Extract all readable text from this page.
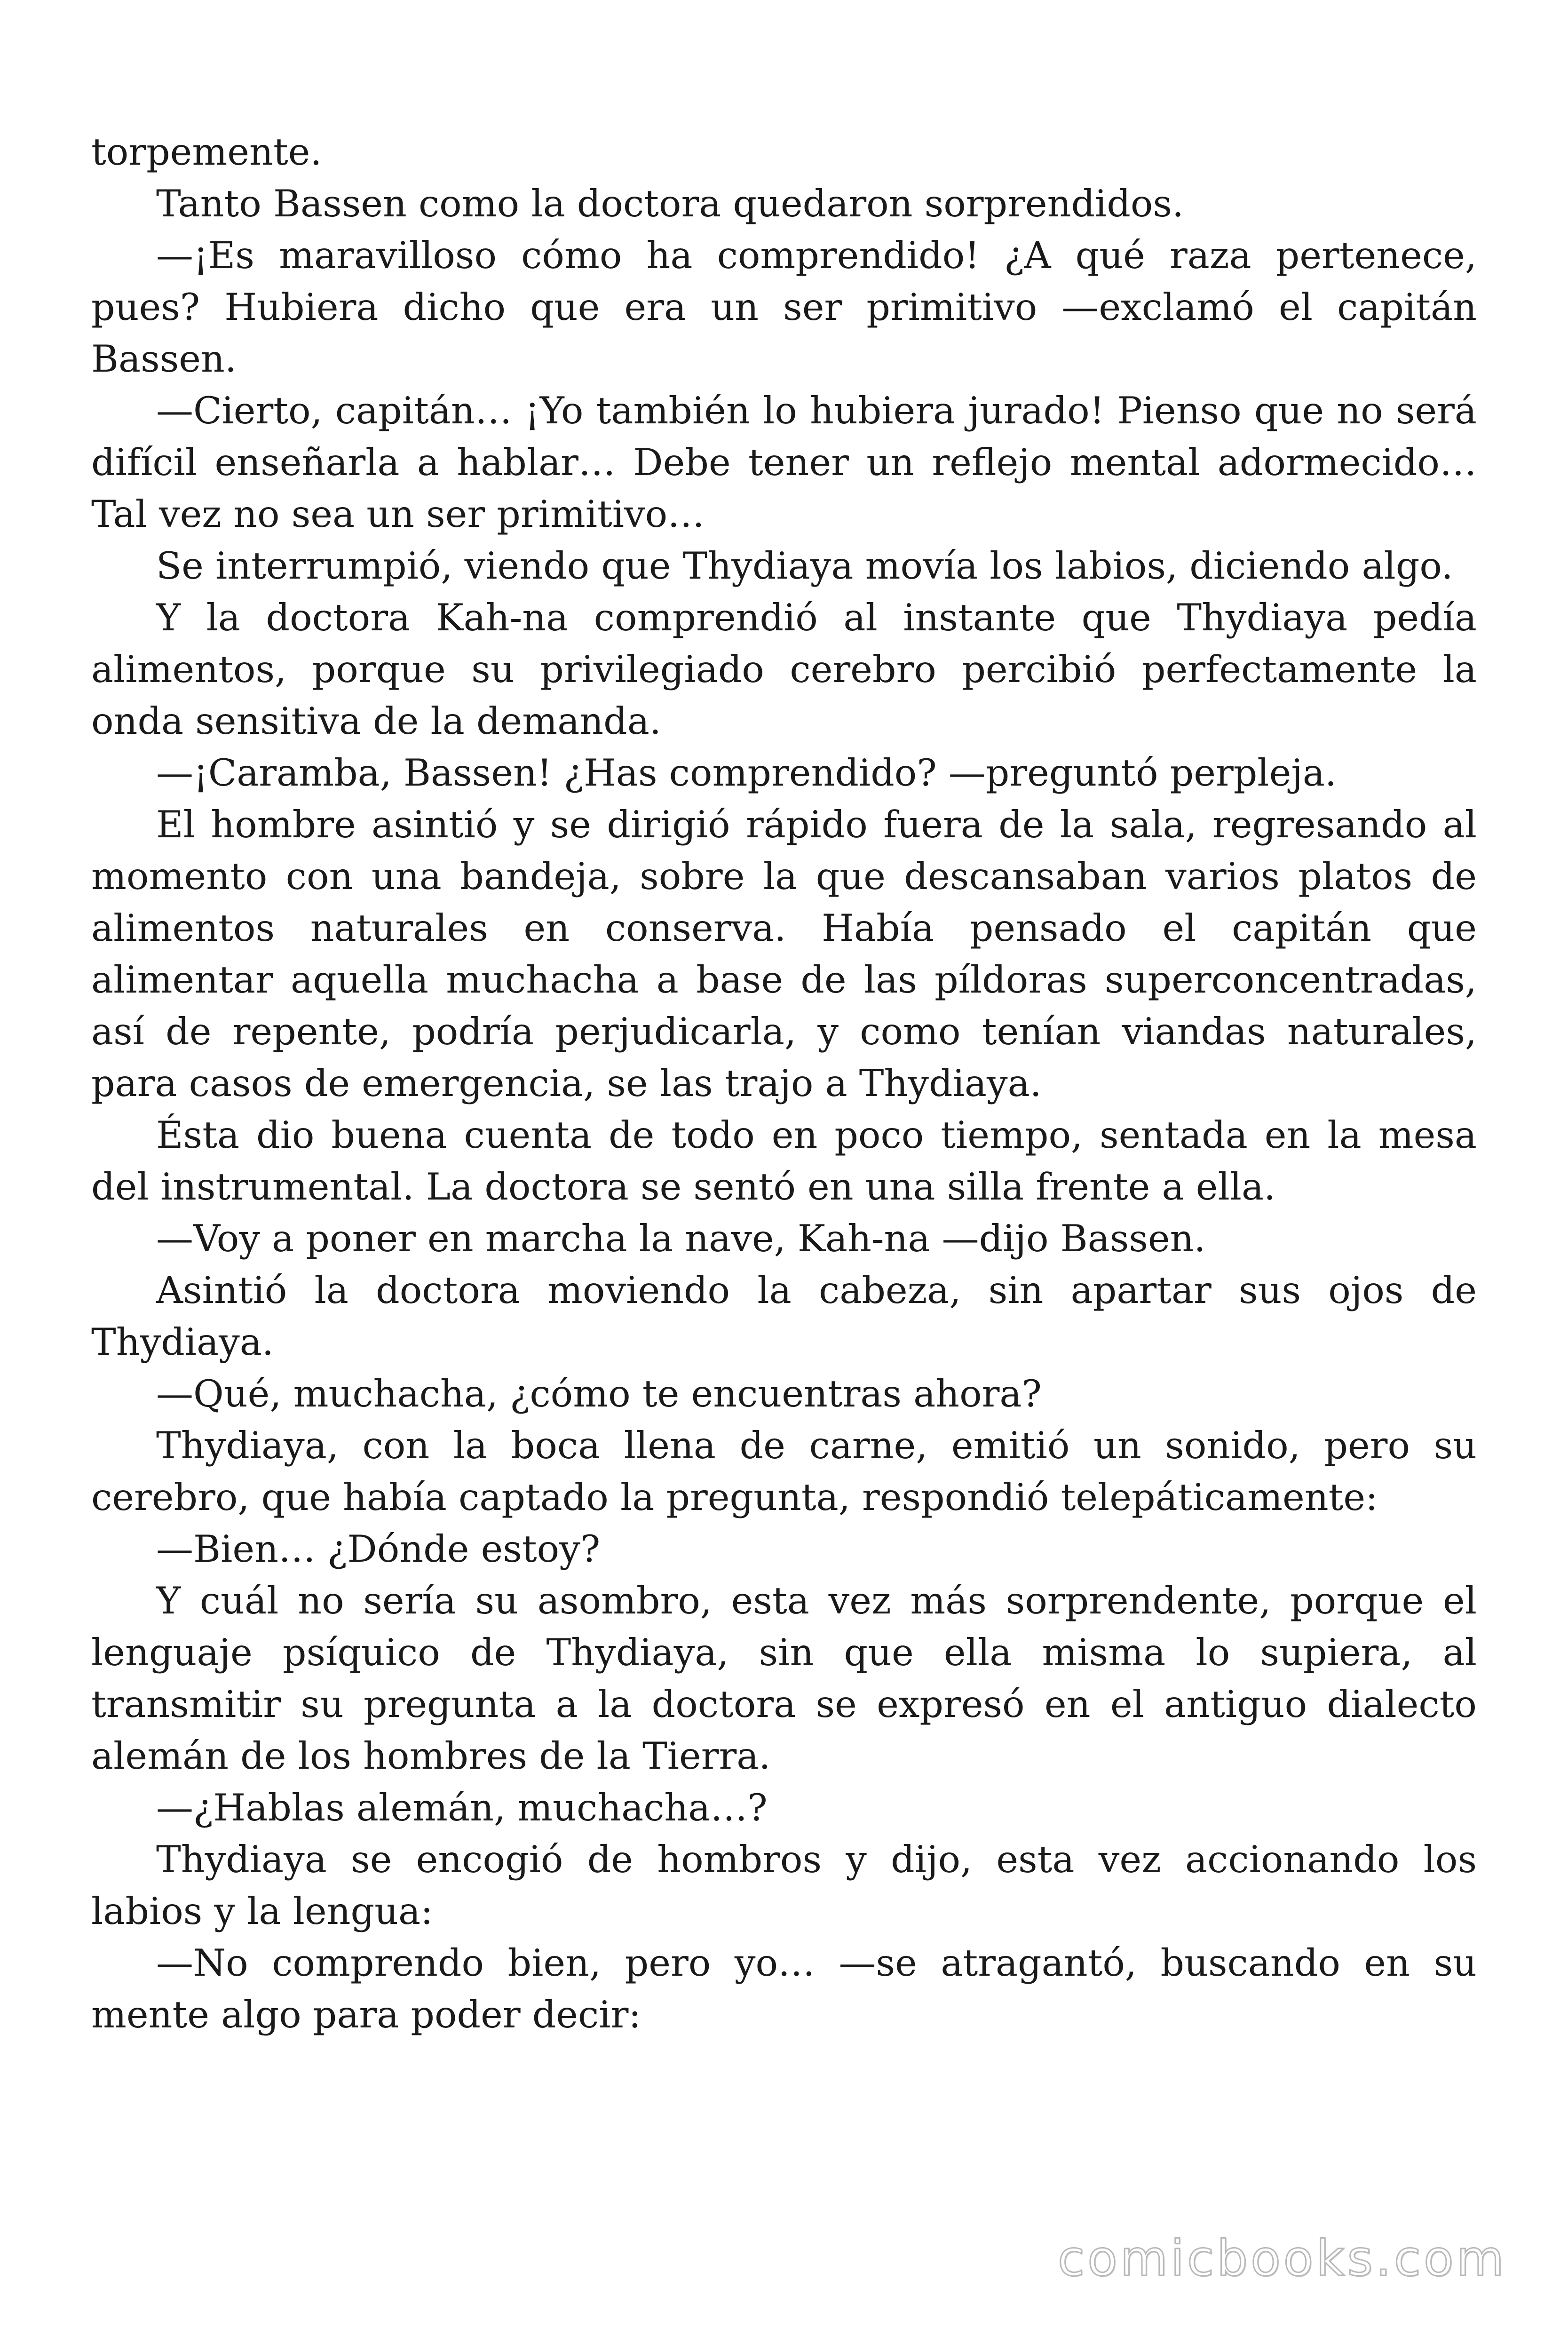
torpemente.

Tanto Bassen como la doctora quedaron sorprendidos.

—¡Es maravilloso cómo ha comprendido! ¿A qué raza pertenece, pues? Hubiera dicho que era un ser primitivo —exclamó el capitán Bassen.

—Cierto, capitán… ¡Yo también lo hubiera jurado! Pienso que no será difícil enseñarla a hablar… Debe tener un reflejo mental adormecido… Tal vez no sea un ser primitivo…

Se interrumpió, viendo que Thydiaya movía los labios, diciendo algo.

Y la doctora Kah-na comprendió al instante que Thydiaya pedía alimentos, porque su privilegiado cerebro percibió perfectamente la onda sensitiva de la demanda.

—¡Caramba, Bassen! ¿Has comprendido? —preguntó perpleja.

El hombre asintió y se dirigió rápido fuera de la sala, regresando al momento con una bandeja, sobre la que descansaban varios platos de alimentos naturales en conserva. Había pensado el capitán que alimentar aquella muchacha a base de las píldoras superconcentradas, así de repente, podría perjudicarla, y como tenían viandas naturales, para casos de emergencia, se las trajo a Thydiaya.

Ésta dio buena cuenta de todo en poco tiempo, sentada en la mesa del instrumental. La doctora se sentó en una silla frente a ella.

—Voy a poner en marcha la nave, Kah-na —dijo Bassen.

Asintió la doctora moviendo la cabeza, sin apartar sus ojos de Thydiaya.

—Qué, muchacha, ¿cómo te encuentras ahora?

Thydiaya, con la boca llena de carne, emitió un sonido, pero su cerebro, que había captado la pregunta, respondió telepáticamente:

—Bien… ¿Dónde estoy?

Y cuál no sería su asombro, esta vez más sorprendente, porque el lenguaje psíquico de Thydiaya, sin que ella misma lo supiera, al transmitir su pregunta a la doctora se expresó en el antiguo dialecto alemán de los hombres de la Tierra.

—¿Hablas alemán, muchacha…?

Thydiaya se encogió de hombros y dijo, esta vez accionando los labios y la lengua:

—No comprendo bien, pero yo… —se atragantó, buscando en su mente algo para poder decir:

comicbooks.com
